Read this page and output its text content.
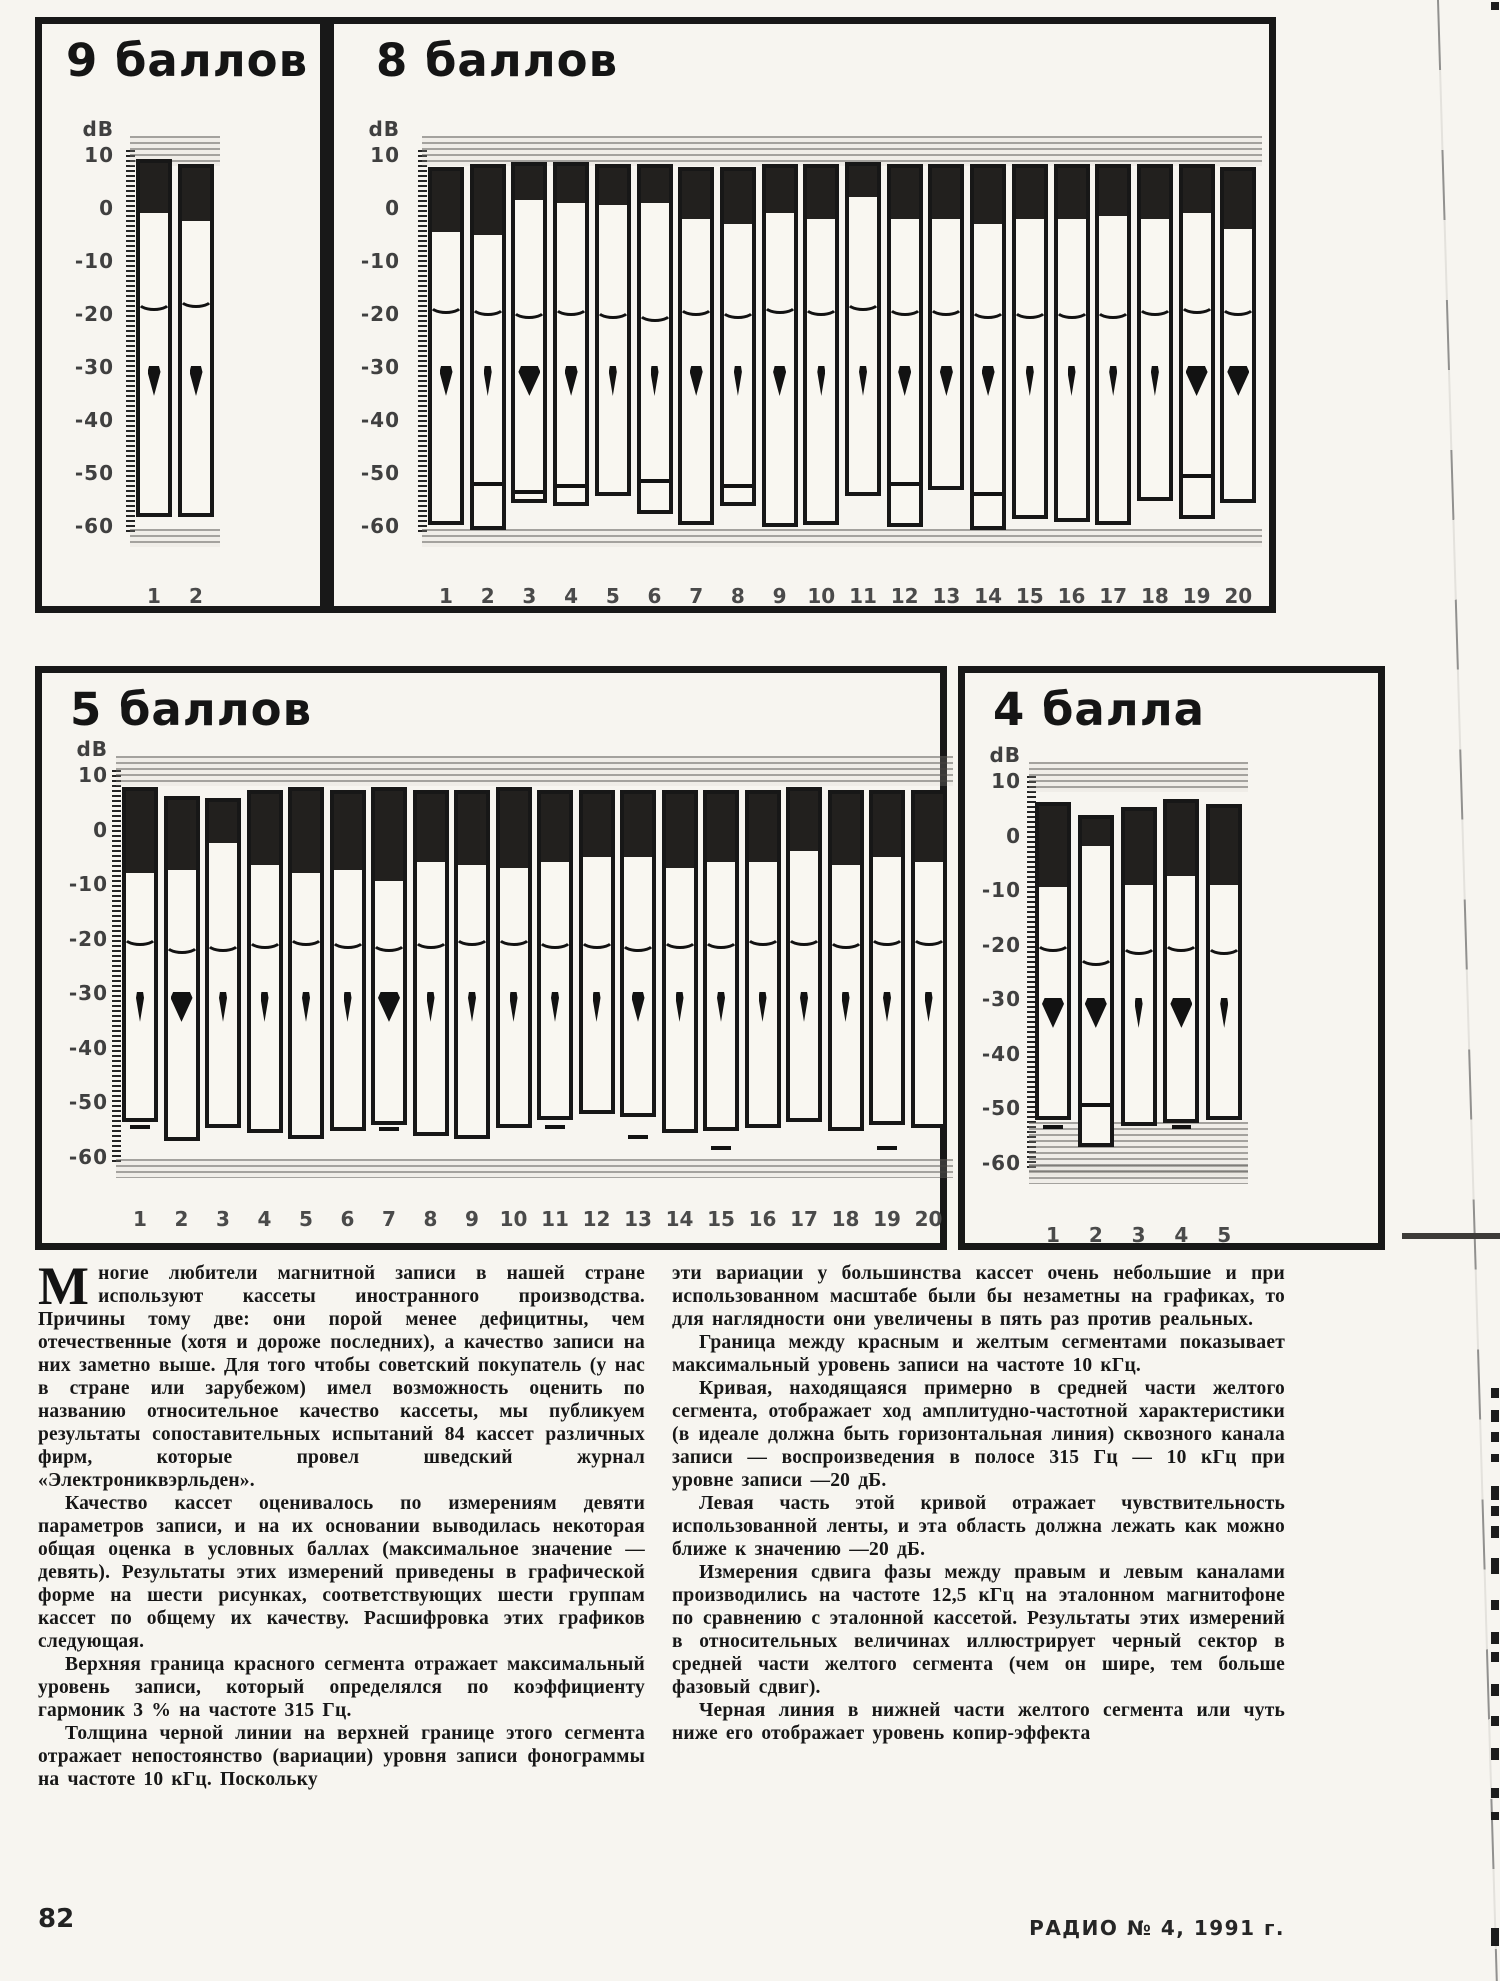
9 баллов
dB
10
0
-10
-20
-30
-40
-50
-60
1	2
8 баллов
dB
10
0
-10
-20
-30
-40
-50
-60
1	2	3	4	5	6	7	8	9	10 11 12 13 14 15 16 17 18 19 20
5 баллов
dB
10
0
-10
-20
-30
-40
-50
-60
1	2	3	4	5	6	7	8	9	10 11 12 13 14 15 16 17 18 19 20
4 балла
dB
10
0
-10
-20
-30
-40
-50
-60
1	2	3	4	5

Многие любители магнитной записи в нашей стране используют кассеты иностранного производства. Причины тому две: они порой менее дефицитны, чем отечественные (хотя и дороже последних), а качество записи на них заметно выше. Для того чтобы советский покупатель (у нас в стране или зарубежом) имел возможность оценить по названию относительное качество кассеты, мы публикуем результаты сопоставительных испытаний 84 кассет различных фирм, которые провел шведский журнал «Электрониквэрльден».

Качество кассет оценивалось по измерениям девяти параметров записи, и на их основании выводилась некоторая общая оценка в условных баллах (максимальное значение — девять). Результаты этих измерений приведены в графической форме на шести рисунках, соответствующих шести группам кассет по общему их качеству. Расшифровка этих графиков следующая.

Верхняя граница красного сегмента отражает максимальный уровень записи, который определялся по коэффициенту гармоник 3 % на частоте 315 Гц.

Толщина черной линии на верхней границе этого сегмента отражает непостоянство (вариации) уровня записи фонограммы на частоте 10 кГц. Поскольку

эти вариации у большинства кассет очень небольшие и при использованном масштабе были бы незаметны на графиках, то для наглядности они увеличены в пять раз против реальных.

Граница между красным и желтым сегментами показывает максимальный уровень записи на частоте 10 кГц.

Кривая, находящаяся примерно в средней части желтого сегмента, отображает ход амплитудно-частотной характеристики (в идеале должна быть горизонтальная линия) сквозного канала записи — воспроизведения в полосе 315 Гц — 10 кГц при уровне записи —20 дБ.

Левая часть этой кривой отражает чувствительность использованной ленты, и эта область должна лежать как можно ближе к значению —20 дБ.

Измерения сдвига фазы между правым и левым каналами производились на частоте 12,5 кГц на эталонном магнитофоне по сравнению с эталонной кассетой. Результаты этих измерений в относительных величинах иллюстрирует черный сектор в средней части желтого сегмента (чем он шире, тем больше фазовый сдвиг).

Черная линия в нижней части желтого сегмента или чуть ниже его отображает уровень копир-эффекта

82	РАДИО № 4, 1991 г.
